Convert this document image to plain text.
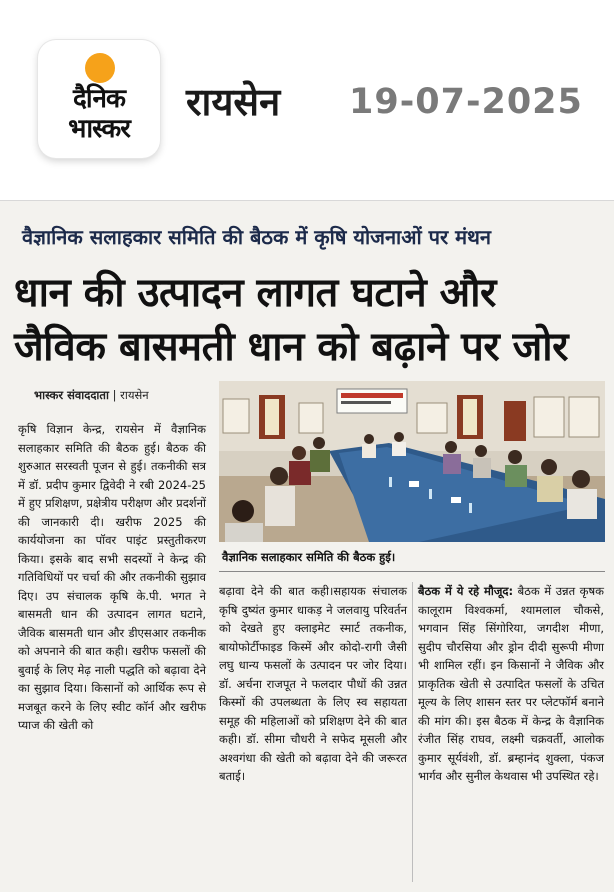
दैनिक
भास्कर
रायसेन 19-07-2025
वैज्ञानिक सलाहकार समिति की बैठक में कृषि योजनाओं पर मंथन
धान की उत्पादन लागत घटाने और
जैविक बासमती धान को बढ़ाने पर जोर
भास्कर संवाददाता | रायसेन
वैज्ञानिक सलाहकार समिति की बैठक हुई।

कृषि विज्ञान केन्द्र, रायसेन में वैज्ञानिक सलाहकार समिति की बैठक हुई। बैठक की शुरुआत सरस्वती पूजन से हुई। तकनीकी सत्र में डॉ. प्रदीप कुमार द्विवेदी ने रबी 2024-25 में हुए प्रशिक्षण, प्रक्षेत्रीय परीक्षण और प्रदर्शनों की जानकारी दी। खरीफ 2025 की कार्ययोजना का पॉवर पाइंट प्रस्तुतीकरण किया। इसके बाद सभी सदस्यों ने केन्द्र की गतिविधियों पर चर्चा की और तकनीकी सुझाव दिए। उप संचालक कृषि के.पी. भगत ने बासमती धान की उत्पादन लागत घटाने, जैविक बासमती धान और डीएसआर तकनीक को अपनाने की बात कही। खरीफ फसलों की बुवाई के लिए मेढ़ नाली पद्धति को बढ़ावा देने का सुझाव दिया। किसानों को आर्थिक रूप से मजबूत करने के लिए स्वीट कॉर्न और खरीफ प्याज की खेती को

बढ़ावा देने की बात कही।सहायक संचालक कृषि दुष्यंत कुमार धाकड़ ने जलवायु परिवर्तन को देखते हुए क्लाइमेट स्मार्ट तकनीक, बायोफोर्टीफाइड किस्में और कोदो-रागी जैसी लघु धान्य फसलों के उत्पादन पर जोर दिया। डॉ. अर्चना राजपूत ने फलदार पौधों की उन्नत किस्मों की उपलब्धता के लिए स्व सहायता समूह की महिलाओं को प्रशिक्षण देने की बात कही। डॉ. सीमा चौधरी ने सफेद मूसली और अश्वगंधा की खेती को बढ़ावा देने की जरूरत बताई।

बैठक में ये रहे मौजूद: बैठक में उन्नत कृषक कालूराम विश्वकर्मा, श्यामलाल चौकसे, भगवान सिंह सिंगोरिया, जगदीश मीणा, सुदीप चौरसिया और ड्रोन दीदी सुरूपी मीणा भी शामिल रहीं। इन किसानों ने जैविक और प्राकृतिक खेती से उत्पादित फसलों के उचित मूल्य के लिए शासन स्तर पर प्लेटफॉर्म बनाने की मांग की। इस बैठक में केन्द्र के वैज्ञानिक रंजीत सिंह राघव, लक्ष्मी चक्रवर्ती, आलोक कुमार सूर्यवंशी, डॉ. ब्रम्हानंद शुक्ला, पंकज भार्गव और सुनील केथवास भी उपस्थित रहे।
